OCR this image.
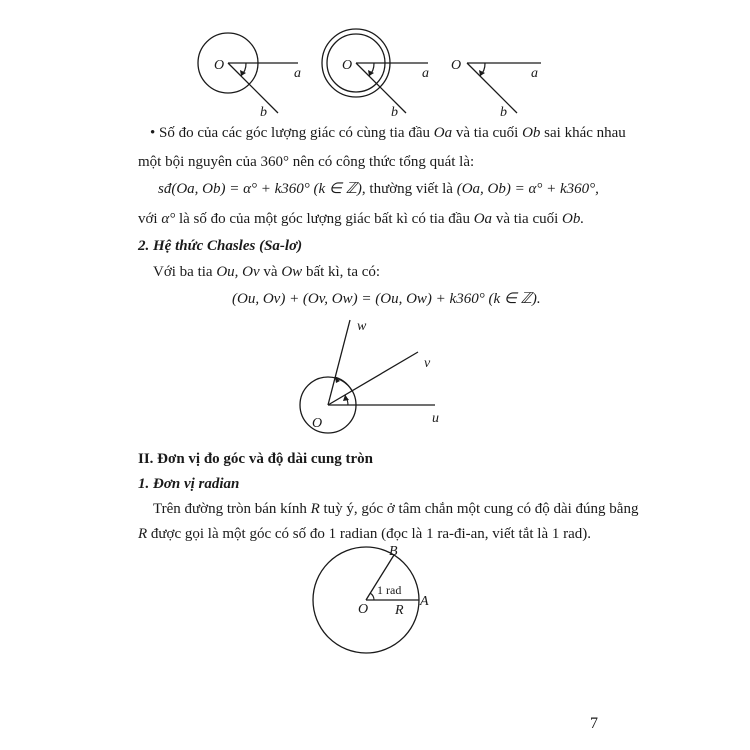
O
a
b
O
a
b
O
a
b
• Số đo của các góc lượng giác có cùng tia đầu Oa và tia cuối Ob sai khác nhau
một bội nguyên của 360° nên có công thức tổng quát là:
sđ(Oa, Ob) = α° + k360° (k ∈ ℤ), thường viết là (Oa, Ob) = α° + k360°,
với α° là số đo của một góc lượng giác bất kì có tia đầu Oa và tia cuối Ob.
2. Hệ thức Chasles (Sa-lơ)
Với ba tia Ou, Ov và Ow bất kì, ta có:
(Ou, Ov) + (Ov, Ow) = (Ou, Ow) + k360° (k ∈ ℤ).
O	u
v
w
II. Đơn vị đo góc và độ dài cung tròn
1. Đơn vị radian
Trên đường tròn bán kính R tuỳ ý, góc ở tâm chắn một cung có độ dài đúng bằng
R được gọi là một góc có số đo 1 radian (đọc là 1 ra-đi-an, viết tắt là 1 rad).
O
A
B
R
1 rad
7
